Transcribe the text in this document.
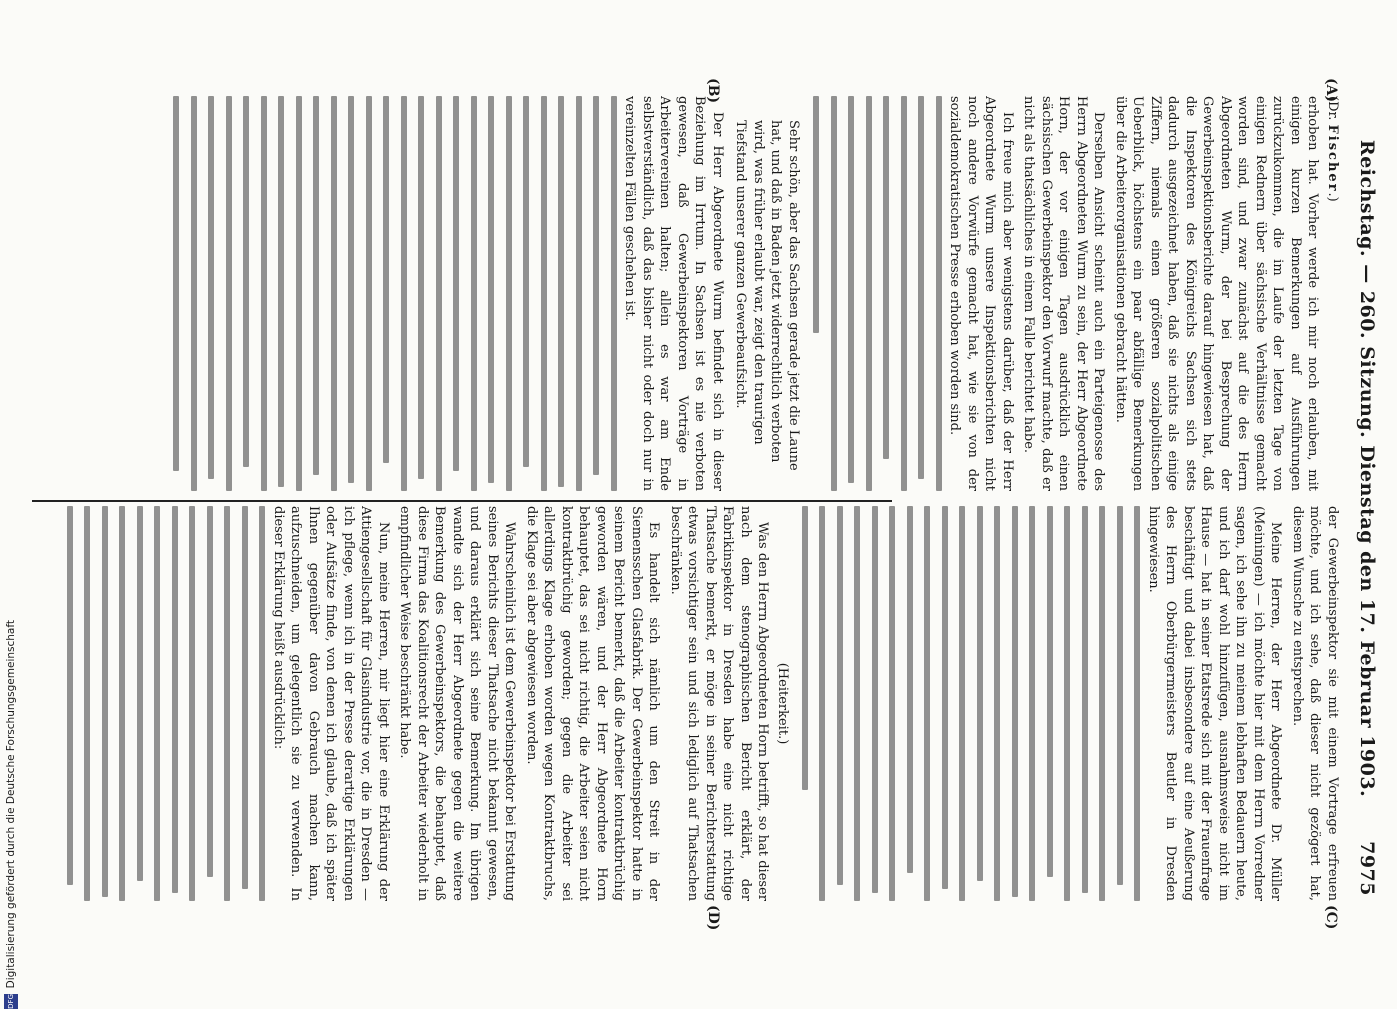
Reichstag. — 260. Sitzung. Dienstag den 17. Februar 1903.
7975
(A)
(B)
(C)
(D)
(Dr. Fischer.)

erhoben hat. Vorher werde ich mir noch erlauben, mit einigen kurzen Bemerkungen auf Ausführungen zurückzukommen, die im Laufe der letzten Tage von einigen Rednern über sächsische Verhältnisse gemacht worden sind, und zwar zunächst auf die des Herrn Abgeordneten Wurm, der bei Besprechung der Gewerbeinspektionsberichte darauf hingewiesen hat, daß die Inspektoren des Königreichs Sachsen sich stets dadurch ausgezeichnet haben, daß sie nichts als einige Ziffern, niemals einen größeren sozialpolitischen Ueberblick, höchstens ein paar abfällige Bemerkungen über die Arbeiterorganisationen gebracht hätten.

Derselben Ansicht scheint auch ein Parteigenosse des Herrn Abgeordneten Wurm zu sein, der Herr Abgeordnete Horn, der vor einigen Tagen ausdrücklich einen sächsischen Gewerbeinspektor den Vorwurf machte, daß er nicht als thatsächliches in einem Falle berichtet habe.

Ich freue mich aber wenigstens darüber, daß der Herr Abgeordnete Wurm unsere Inspektionsberichten nicht noch andere Vorwürfe gemacht hat, wie sie von der sozialdemokratischen Presse erhoben worden sind.

Sehr schön, aber das Sachsen gerade jetzt die Laune hat, und daß in Baden jetzt widerrechtlich verboten wird, was früher erlaubt war, zeigt den traurigen Tiefstand unserer ganzen Gewerbeaufsicht.

Der Herr Abgeordnete Wurm befindet sich in dieser Beziehung im Irrtum. In Sachsen ist es nie verboten gewesen, daß Gewerbeinspektoren Vorträge in Arbeitervereinen halten; allein es war am Ende selbstverständlich, daß das bisher nicht oder doch nur in vereinzelten Fällen geschehen ist.

der Gewerbeinspektor sie mit einem Vortrage erfreuen möchte, und ich sehe, daß dieser nicht gezögert hat, diesem Wunsche zu entsprechen.

Meine Herren, der Herr Abgeordnete Dr. Müller (Meiningen) — ich möchte hier mit dem Herrn Vorredner sagen, ich sehe ihn zu meinem lebhaften Bedauern heute, und ich darf wohl hinzufügen, ausnahmsweise nicht im Hause — hat in seiner Etatsrede sich mit der Frauenfrage beschäftigt und dabei insbesondere auf eine Aeußerung des Herrn Oberbürgermeisters Beutler in Dresden hingewiesen.

(Heiterkeit.)

Was den Herrn Abgeordneten Horn betrifft, so hat dieser nach dem stenographischen Bericht erklärt, der Fabrikinspektor in Dresden habe eine nicht richtige Thatsache bemerkt, er möge in seiner Berichterstattung etwas vorsichtiger sein und sich lediglich auf Thatsachen beschränken.

Es handelt sich nämlich um den Streit in der Siemensschen Glasfabrik. Der Gewerbeinspektor hatte in seinem Bericht bemerkt, daß die Arbeiter kontraktbrüchig geworden wären, und der Herr Abgeordnete Horn behauptet, das sei nicht richtig, die Arbeiter seien nicht kontraktbrüchig geworden; gegen die Arbeiter sei allerdings Klage erhoben worden wegen Kontraktbruchs, die Klage sei aber abgewiesen worden.

Wahrscheinlich ist dem Gewerbeinspektor bei Erstattung seines Berichts dieser Thatsache nicht bekannt gewesen, und daraus erklärt sich seine Bemerkung. Im übrigen wandte sich der Herr Abgeordnete gegen die weitere Bemerkung des Gewerbeinspektors, die behauptet, daß diese Firma das Koalitionsrecht der Arbeiter wiederholt in empfindlicher Weise beschränkt habe.

Nun, meine Herren, mir liegt hier eine Erklärung der Attiengesellschaft für Glasindustrie vor, die in Dresden — ich pflege, wenn ich in der Presse derartige Erklärungen oder Aufsätze finde, von denen ich glaube, daß ich später Ihnen gegenüber davon Gebrauch machen kann, aufzuschneiden, um gelegentlich sie zu verwenden. In dieser Erklärung heißt ausdrücklich:

Digitalisierung gefördert durch die Deutsche Forschungsgemeinschaft
DFG
